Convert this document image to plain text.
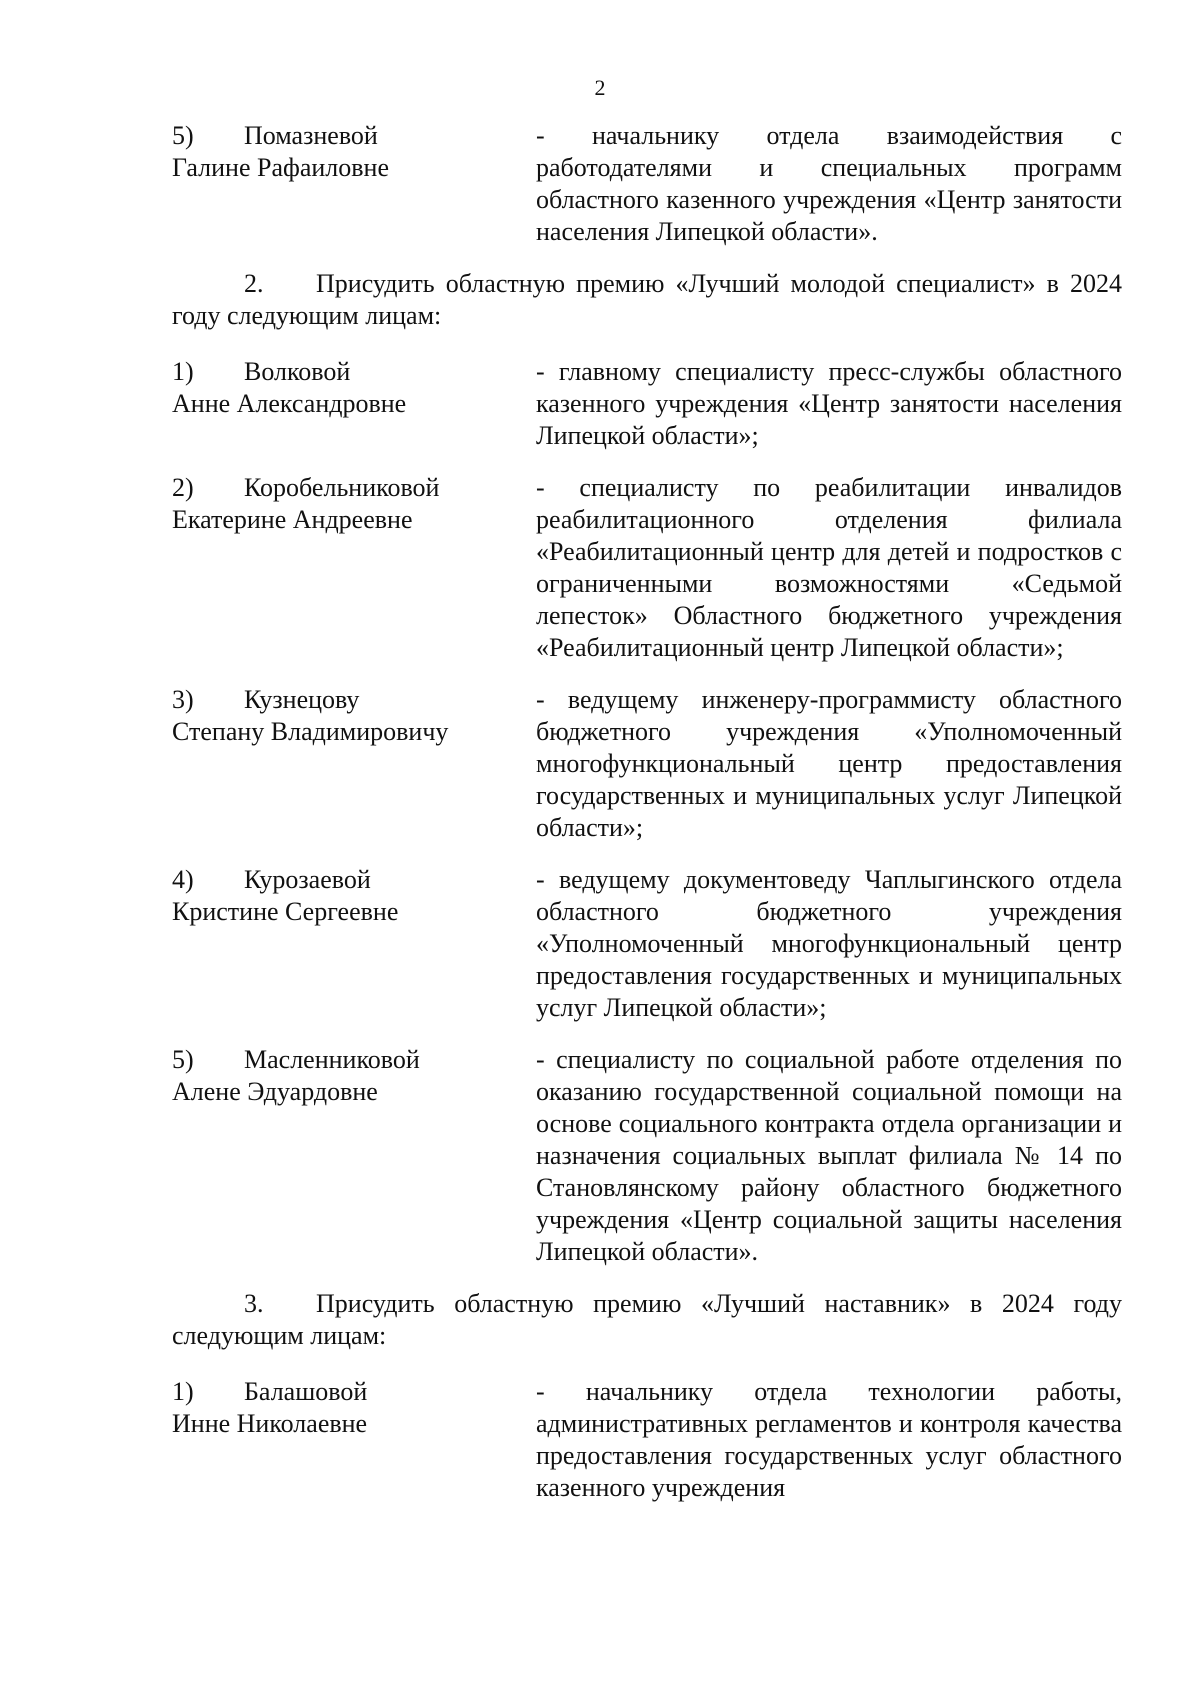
2
5) Помазневой
Галине Рафаиловне
- начальнику отдела взаимодействия с работодателями и специальных программ областного казенного учреждения «Центр занятости населения Липецкой области».
2. Присудить областную премию «Лучший молодой специалист» в 2024 году следующим лицам:
1) Волковой
Анне Александровне
- главному специалисту пресс-службы областного казенного учреждения «Центр занятости населения Липецкой области»;
2) Коробельниковой
Екатерине Андреевне
- специалисту по реабилитации инвалидов реабилитационного отделения филиала «Реабилитационный центр для детей и подростков с ограниченными возможностями «Седьмой лепесток» Областного бюджетного учреждения «Реабилитационный центр Липецкой области»;
3) Кузнецову
Степану Владимировичу
- ведущему инженеру-программисту областного бюджетного учреждения «Уполномоченный многофункциональный центр предоставления государственных и муниципальных услуг Липецкой области»;
4) Курозаевой
Кристине Сергеевне
- ведущему документоведу Чаплыгинского отдела областного бюджетного учреждения «Уполномоченный многофункциональный центр предоставления государственных и муниципальных услуг Липецкой области»;
5) Масленниковой
Алене Эдуардовне
- специалисту по социальной работе отделения по оказанию государственной социальной помощи на основе социального контракта отдела организации и назначения социальных выплат филиала № 14 по Становлянскому району областного бюджетного учреждения «Центр социальной защиты населения Липецкой области».
3. Присудить областную премию «Лучший наставник» в 2024 году следующим лицам:
1) Балашовой
Инне Николаевне
- начальнику отдела технологии работы, административных регламентов и контроля качества предоставления государственных услуг областного казенного учреждения
